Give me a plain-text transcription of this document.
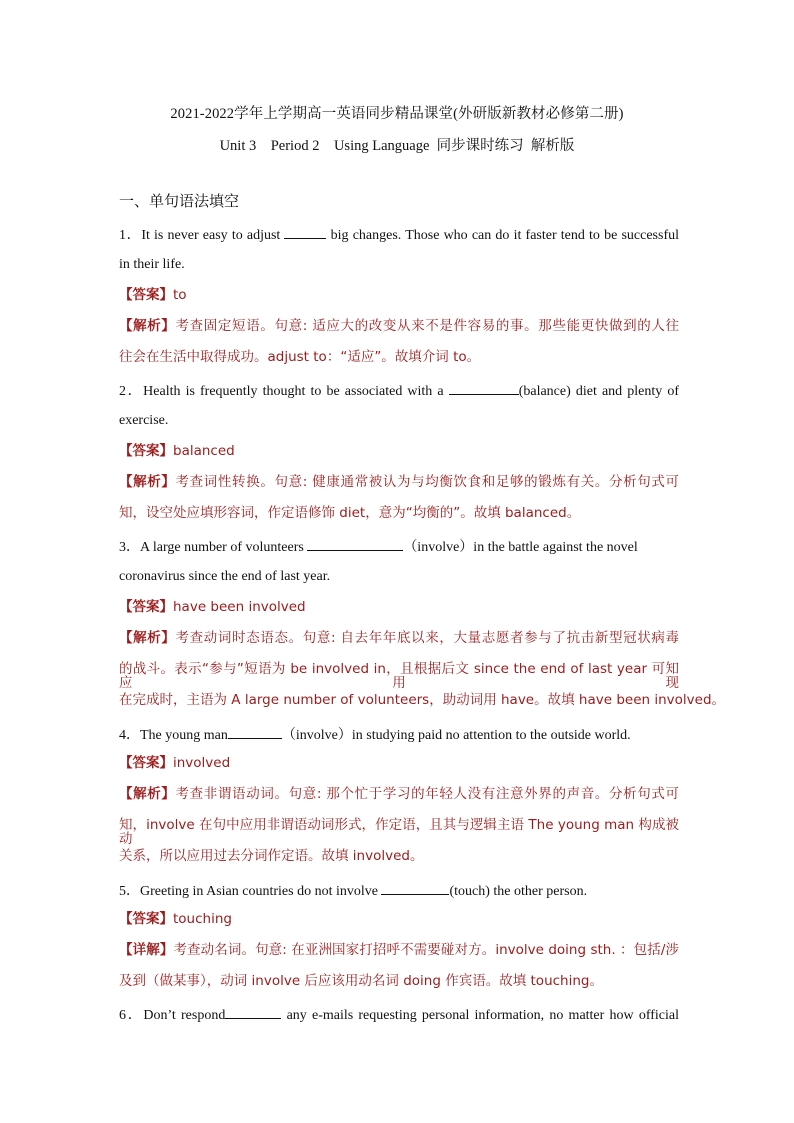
2021-2022学年上学期高一英语同步精品课堂(外研版新教材必修第二册)
Unit 3    Period 2    Using Language  同步课时练习  解析版
一、单句语法填空
1．It is never easy to adjust	big changes. Those who can do it faster tend to be successful
in their life.
【答案】to
【解析】考查固定短语。句意: 适应大的改变从来不是件容易的事。那些能更快做到的人往
往会在生活中取得成功。adjust to：“适应”。故填介词 to。
2．Health is frequently thought to be associated with a	(balance) diet and plenty of
exercise.
【答案】balanced
【解析】考查词性转换。句意: 健康通常被认为与均衡饮食和足够的锻炼有关。分析句式可
知，设空处应填形容词，作定语修饰 diet，意为“均衡的”。故填 balanced。
3．A large number of volunteers	（involve）in the battle against the novel
coronavirus since the end of last year.
【答案】have been involved
【解析】考查动词时态语态。句意: 自去年年底以来，大量志愿者参与了抗击新型冠状病毒
的战斗。表示“参与”短语为 be involved in，且根据后文 since the end of last year 可知应用现
在完成时，主语为 A large number of volunteers，助动词用 have。故填 have been involved。
4．The young man	（involve）in studying paid no attention to the outside world.
【答案】involved
【解析】考查非谓语动词。句意: 那个忙于学习的年轻人没有注意外界的声音。分析句式可
知，involve 在句中应用非谓语动词形式，作定语，且其与逻辑主语 The young man 构成被动
关系，所以应用过去分词作定语。故填 involved。
5．Greeting in Asian countries do not involve	(touch) the other person.
【答案】touching
【详解】考查动名词。句意: 在亚洲国家打招呼不需要碰对方。involve doing sth. ：包括/涉
及到（做某事），动词 involve 后应该用动名词 doing 作宾语。故填 touching。
6．Don’t respond	any e-mails requesting personal information, no matter how official
